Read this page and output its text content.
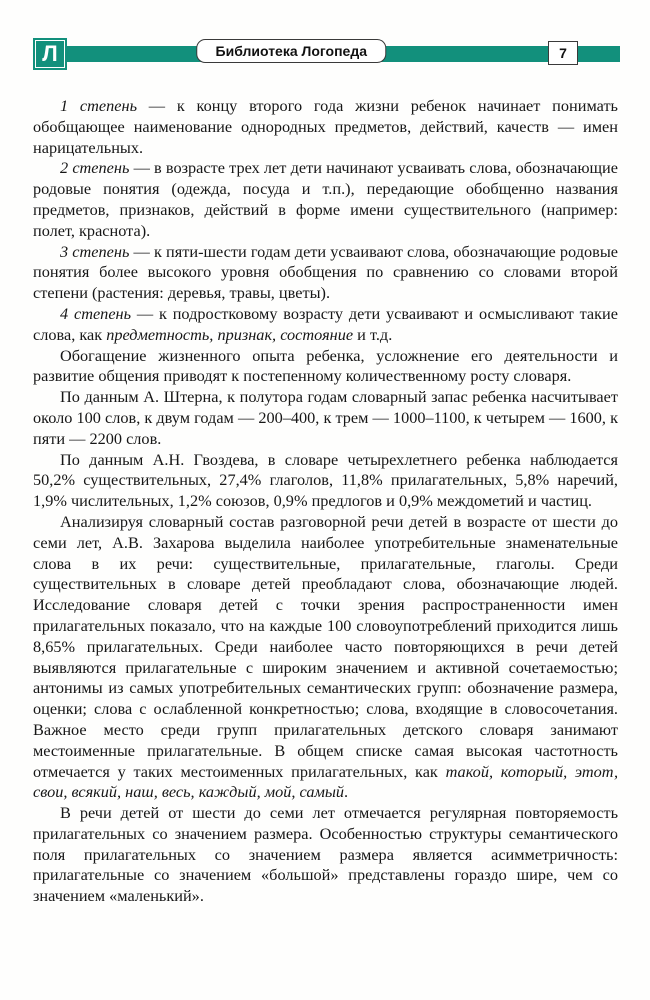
Л	Библиотека Логопеда	7

1 степень — к концу второго года жизни ребенок начинает понимать обобщающее наименование однородных предметов, действий, качеств — имен нарицательных.

2 степень — в возрасте трех лет дети начинают усваивать слова, обозначающие родовые понятия (одежда, посуда и т.п.), передающие обобщенно названия предметов, признаков, действий в форме имени существительного (например: полет, краснота).

3 степень — к пяти-шести годам дети усваивают слова, обозначающие родовые понятия более высокого уровня обобщения по сравнению со словами второй степени (растения: деревья, травы, цветы).

4 степень — к подростковому возрасту дети усваивают и осмысливают такие слова, как предметность, признак, состояние и т.д.

Обогащение жизненного опыта ребенка, усложнение его деятельности и развитие общения приводят к постепенному количественному росту словаря.

По данным А. Штерна, к полутора годам словарный запас ребенка насчитывает около 100 слов, к двум годам — 200–400, к трем — 1000–1100, к четырем — 1600, к пяти — 2200 слов.

По данным А.Н. Гвоздева, в словаре четырехлетнего ребенка наблюдается 50,2% существительных, 27,4% глаголов, 11,8% прилагательных, 5,8% наречий, 1,9% числительных, 1,2% союзов, 0,9% предлогов и 0,9% междометий и частиц.

Анализируя словарный состав разговорной речи детей в возрасте от шести до семи лет, А.В. Захарова выделила наиболее употребительные знаменательные слова в их речи: существительные, прилагательные, глаголы. Среди существительных в словаре детей преобладают слова, обозначающие людей. Исследование словаря детей с точки зрения распространенности имен прилагательных показало, что на каждые 100 словоупотреблений приходится лишь 8,65% прилагательных. Среди наиболее часто повторяющихся в речи детей выявляются прилагательные с широким значением и активной сочетаемостью; антонимы из самых употребительных семантических групп: обозначение размера, оценки; слова с ослабленной конкретностью; слова, входящие в словосочетания. Важное место среди групп прилагательных детского словаря занимают местоименные прилагательные. В общем списке самая высокая частотность отмечается у таких местоименных прилагательных, как такой, который, этот, свои, всякий, наш, весь, каждый, мой, самый.

В речи детей от шести до семи лет отмечается регулярная повторяемость прилагательных со значением размера. Особенностью структуры семантического поля прилагательных со значением размера является асимметричность: прилагательные со значением «большой» представлены гораздо шире, чем со значением «маленький».
